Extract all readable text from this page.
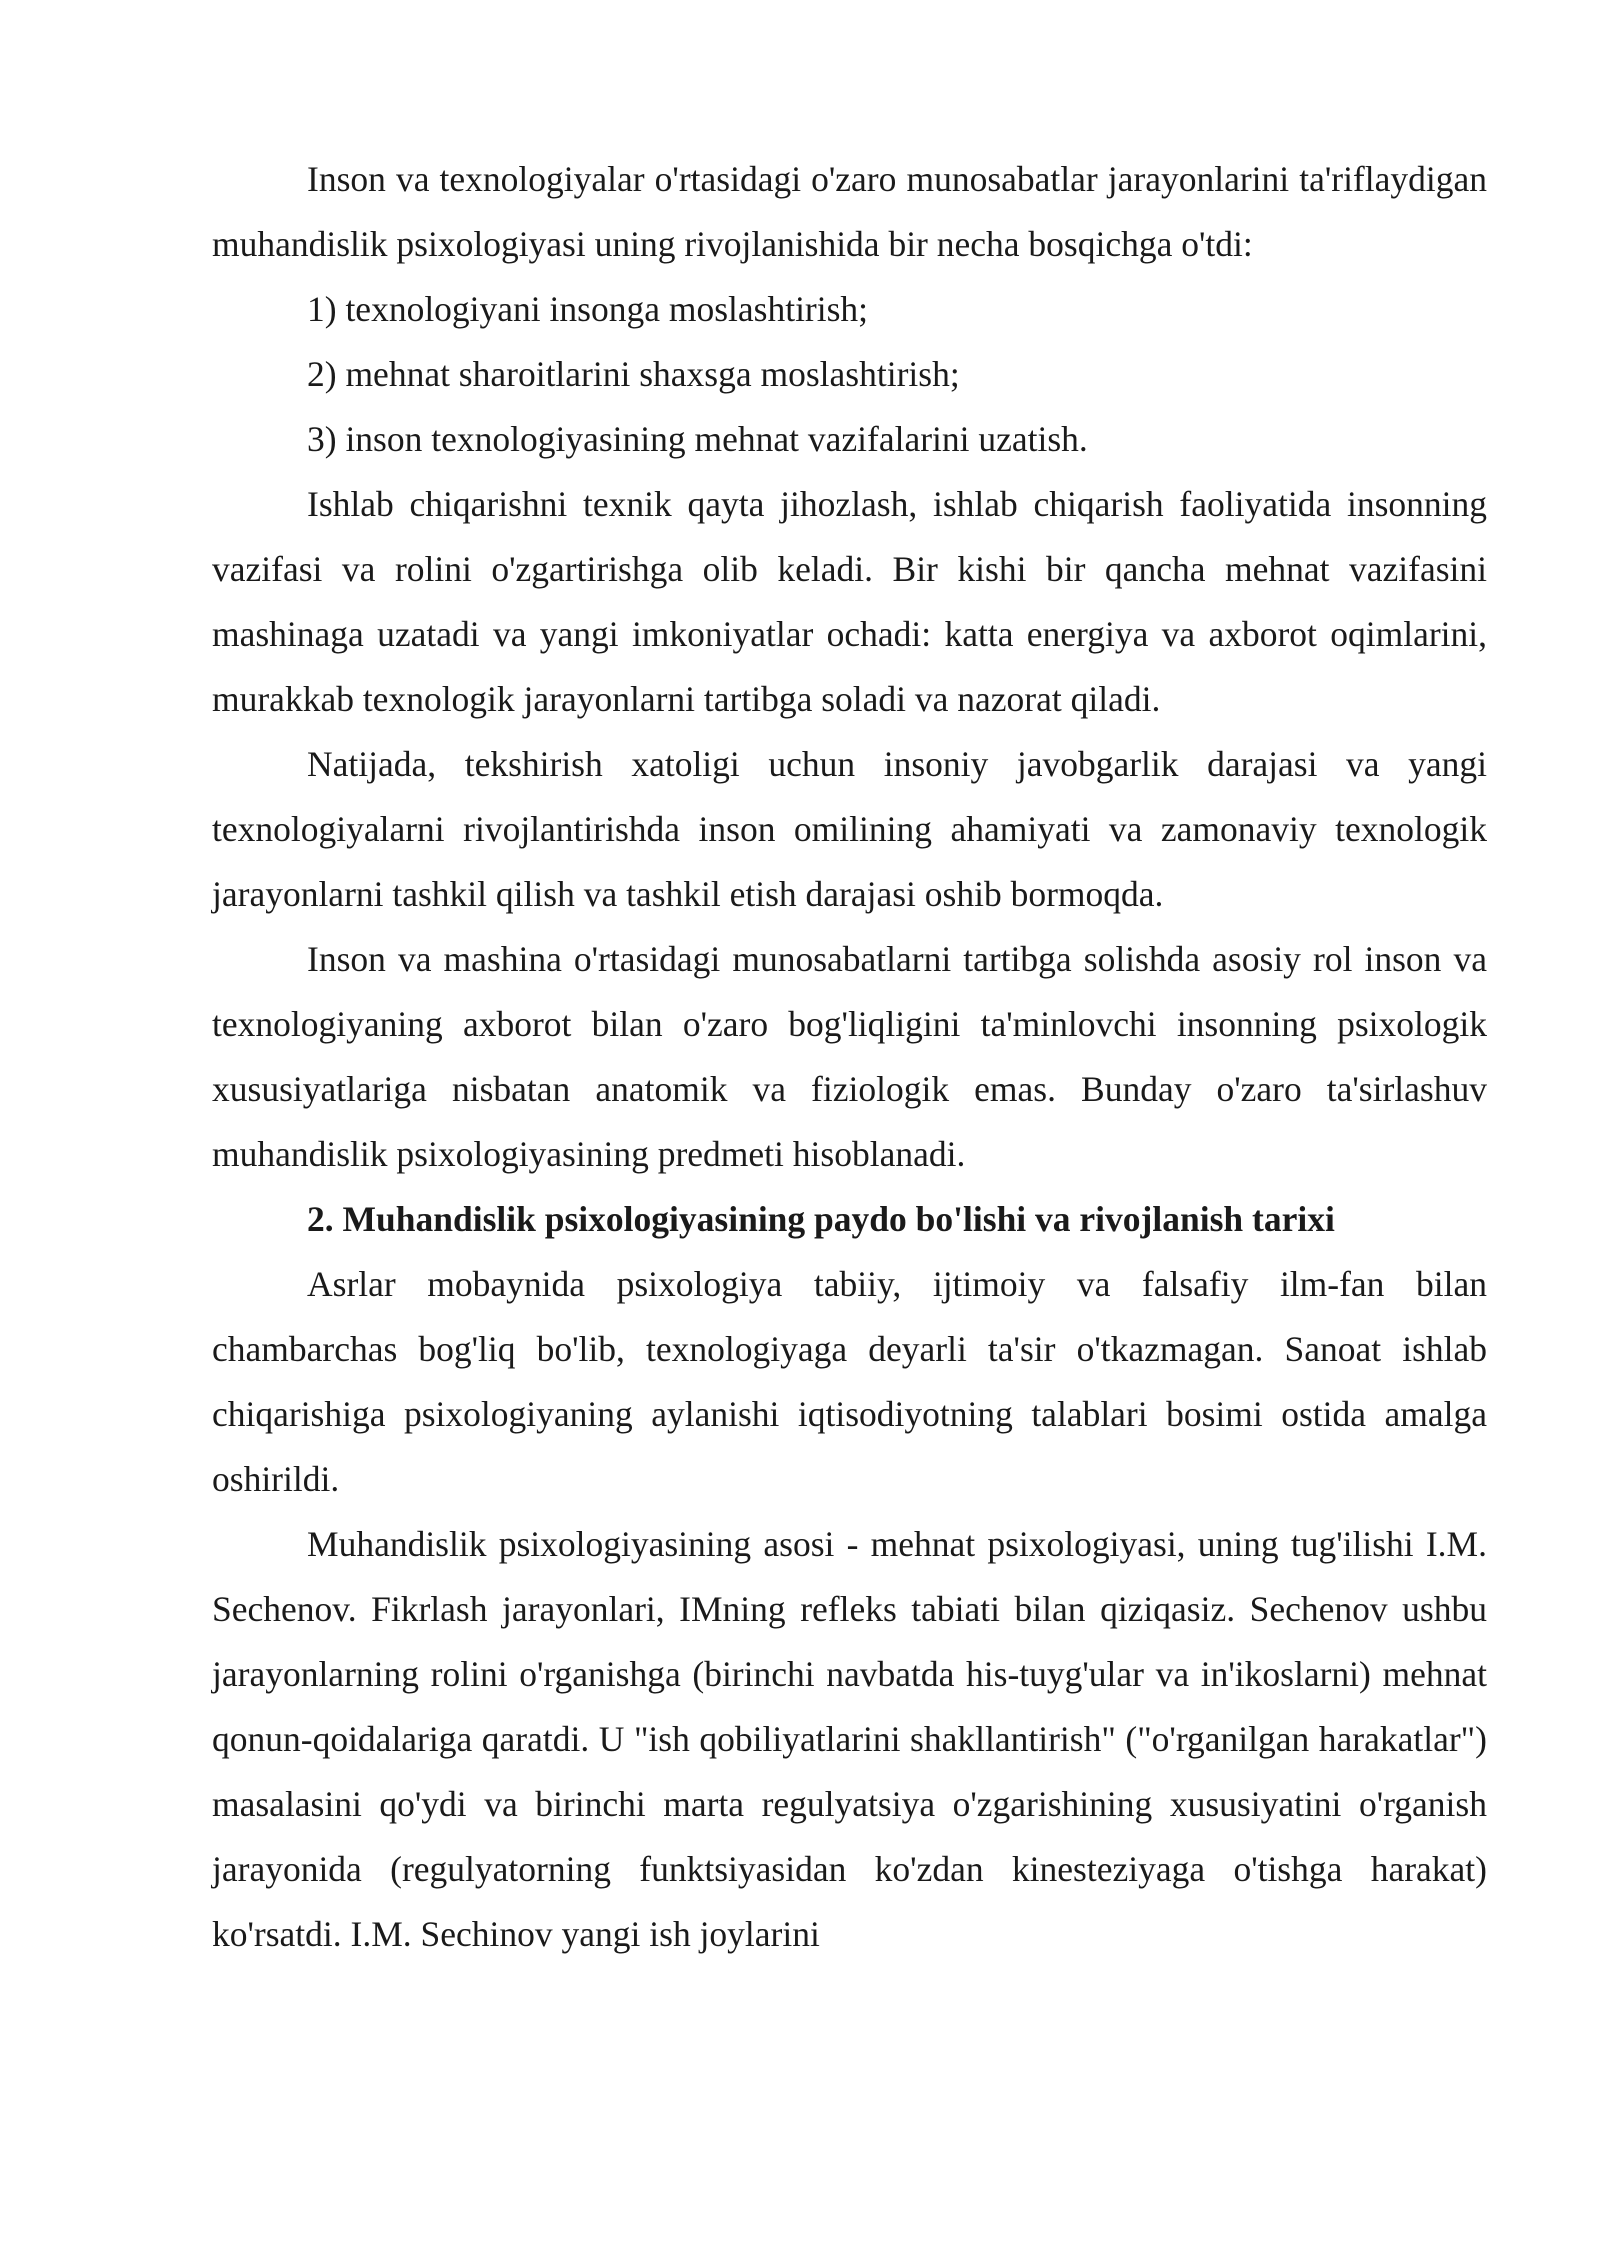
Inson va texnologiyalar o'rtasidagi o'zaro munosabatlar jarayonlarini ta'riflaydigan muhandislik psixologiyasi uning rivojlanishida bir necha bosqichga o'tdi:

1) texnologiyani insonga moslashtirish;

2) mehnat sharoitlarini shaxsga moslashtirish;

3) inson texnologiyasining mehnat vazifalarini uzatish.

Ishlab chiqarishni texnik qayta jihozlash, ishlab chiqarish faoliyatida insonning vazifasi va rolini o'zgartirishga olib keladi. Bir kishi bir qancha mehnat vazifasini mashinaga uzatadi va yangi imkoniyatlar ochadi: katta energiya va axborot oqimlarini, murakkab texnologik jarayonlarni tartibga soladi va nazorat qiladi.

Natijada, tekshirish xatoligi uchun insoniy javobgarlik darajasi va yangi texnologiyalarni rivojlantirishda inson omilining ahamiyati va zamonaviy texnologik jarayonlarni tashkil qilish va tashkil etish darajasi oshib bormoqda.

Inson va mashina o'rtasidagi munosabatlarni tartibga solishda asosiy rol inson va texnologiyaning axborot bilan o'zaro bog'liqligini ta'minlovchi insonning psixologik xususiyatlariga nisbatan anatomik va fiziologik emas. Bunday o'zaro ta'sirlashuv muhandislik psixologiyasining predmeti hisoblanadi.

2. Muhandislik psixologiyasining paydo bo'lishi va rivojlanish tarixi

Asrlar mobaynida psixologiya tabiiy, ijtimoiy va falsafiy ilm-fan bilan chambarchas bog'liq bo'lib, texnologiyaga deyarli ta'sir o'tkazmagan. Sanoat ishlab chiqarishiga psixologiyaning aylanishi iqtisodiyotning talablari bosimi ostida amalga oshirildi.

Muhandislik psixologiyasining asosi - mehnat psixologiyasi, uning tug'ilishi I.M. Sechenov. Fikrlash jarayonlari, IMning refleks tabiati bilan qiziqasiz. Sechenov ushbu jarayonlarning rolini o'rganishga (birinchi navbatda his-tuyg'ular va in'ikoslarni) mehnat qonun-qoidalariga qaratdi. U "ish qobiliyatlarini shakllantirish" ("o'rganilgan harakatlar") masalasini qo'ydi va birinchi marta regulyatsiya o'zgarishining xususiyatini o'rganish jarayonida (regulyatorning funktsiyasidan ko'zdan kinesteziyaga o'tishga harakat) ko'rsatdi. I.M. Sechinov yangi ish joylarini
